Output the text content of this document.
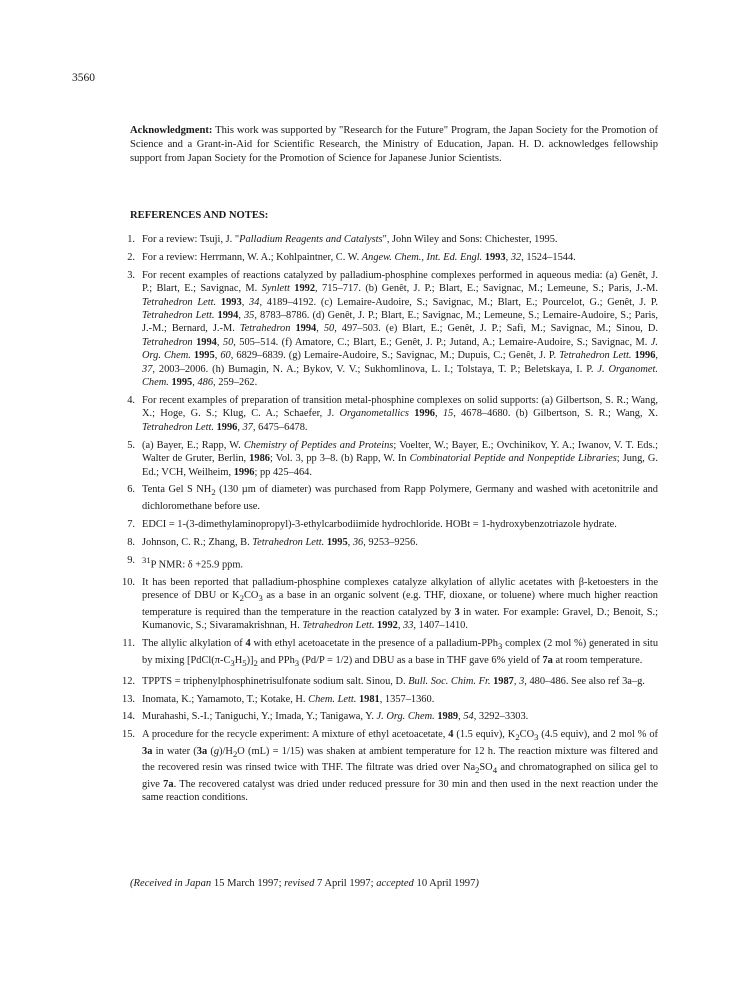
3560

Acknowledgment: This work was supported by "Research for the Future" Program, the Japan Society for the Promotion of Science and a Grant-in-Aid for Scientific Research, the Ministry of Education, Japan. H. D. acknowledges fellowship support from Japan Society for the Promotion of Science for Japanese Junior Scientists.

REFERENCES AND NOTES:
1. For a review: Tsuji, J. "Palladium Reagents and Catalysts", John Wiley and Sons: Chichester, 1995.
2. For a review: Herrmann, W. A.; Kohlpaintner, C. W. Angew. Chem., Int. Ed. Engl. 1993, 32, 1524–1544.
3. For recent examples of reactions catalyzed by palladium-phosphine complexes performed in aqueous media: (a) Genêt, J. P.; Blart, E.; Savignac, M. Synlett 1992, 715–717. (b) Genêt, J. P.; Blart, E.; Savignac, M.; Lemeune, S.; Paris, J.-M. Tetrahedron Lett. 1993, 34, 4189–4192. (c) Lemaire-Audoire, S.; Savignac, M.; Blart, E.; Pourcelot, G.; Genêt, J. P. Tetrahedron Lett. 1994, 35, 8783–8786. (d) Genêt, J. P.; Blart, E.; Savignac, M.; Lemeune, S.; Lemaire-Audoire, S.; Paris, J.-M.; Bernard, J.-M. Tetrahedron 1994, 50, 497–503. (e) Blart, E.; Genêt, J. P.; Safi, M.; Savignac, M.; Sinou, D. Tetrahedron 1994, 50, 505–514. (f) Amatore, C.; Blart, E.; Genêt, J. P.; Jutand, A.; Lemaire-Audoire, S.; Savignac, M. J. Org. Chem. 1995, 60, 6829–6839. (g) Lemaire-Audoire, S.; Savignac, M.; Dupuis, C.; Genêt, J. P. Tetrahedron Lett. 1996, 37, 2003–2006. (h) Bumagin, N. A.; Bykov, V. V.; Sukhomlinova, L. I.; Tolstaya, T. P.; Beletskaya, I. P. J. Organomet. Chem. 1995, 486, 259–262.
4. For recent examples of preparation of transition metal-phosphine complexes on solid supports: (a) Gilbertson, S. R.; Wang, X.; Hoge, G. S.; Klug, C. A.; Schaefer, J. Organometallics 1996, 15, 4678–4680. (b) Gilbertson, S. R.; Wang, X. Tetrahedron Lett. 1996, 37, 6475–6478.
5. (a) Bayer, E.; Rapp, W. Chemistry of Peptides and Proteins; Voelter, W.; Bayer, E.; Ovchinikov, Y. A.; Iwanov, V. T. Eds.; Walter de Gruter, Berlin, 1986; Vol. 3, pp 3–8. (b) Rapp, W. In Combinatorial Peptide and Nonpeptide Libraries; Jung, G. Ed.; VCH, Weilheim, 1996; pp 425–464.
6. Tenta Gel S $NH_2$ (130 µm of diameter) was purchased from Rapp Polymere, Germany and washed with acetonitrile and dichloromethane before use.
7. EDCI = 1-(3-dimethylaminopropyl)-3-ethylcarbodiimide hydrochloride. HOBt = 1-hydroxybenzotriazole hydrate.
8. Johnson, C. R.; Zhang, B. Tetrahedron Lett. 1995, 36, 9253–9256.
9. $^{31}$P NMR: δ +25.9 ppm.
10. It has been reported that palladium-phosphine complexes catalyze alkylation of allylic acetates with β-ketoesters in the presence of DBU or $K_2CO_3$ as a base in an organic solvent (e.g. THF, dioxane, or toluene) where much higher reaction temperature is required than the temperature in the reaction catalyzed by 3 in water. For example: Gravel, D.; Benoit, S.; Kumanovic, S.; Sivaramakrishnan, H. Tetrahedron Lett. 1992, 33, 1407–1410.
11. The allylic alkylation of 4 with ethyl acetoacetate in the presence of a palladium-PPh$_3$ complex (2 mol %) generated in situ by mixing $[PdCl(\pi-C_3H_5)]_2$ and PPh$_3$ (Pd/P = 1/2) and DBU as a base in THF gave 6% yield of 7a at room temperature.
12. TPPTS = triphenylphosphinetrisulfonate sodium salt. Sinou, D. Bull. Soc. Chim. Fr. 1987, 3, 480–486. See also ref 3a–g.
13. Inomata, K.; Yamamoto, T.; Kotake, H. Chem. Lett. 1981, 1357–1360.
14. Murahashi, S.-I.; Taniguchi, Y.; Imada, Y.; Tanigawa, Y. J. Org. Chem. 1989, 54, 3292–3303.
15. A procedure for the recycle experiment: A mixture of ethyl acetoacetate, 4 (1.5 equiv), $K_2CO_3$ (4.5 equiv), and 2 mol % of 3a in water (3a $(g)/H_2O$ (mL) = 1/15) was shaken at ambient temperature for 12 h. The reaction mixture was filtered and the recovered resin was rinsed twice with THF. The filtrate was dried over $Na_2SO_4$ and chromatographed on silica gel to give 7a. The recovered catalyst was dried under reduced pressure for 30 min and then used in the next reaction under the same reaction conditions.
(Received in Japan 15 March 1997; revised 7 April 1997; accepted 10 April 1997)
